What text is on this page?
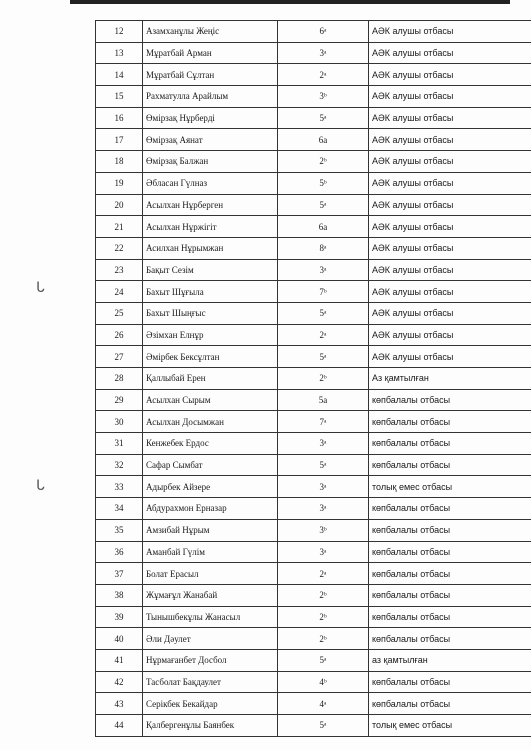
ᒐ
ᒐ
12	Азамханұлы Жеңіс	6ᵃ	АӘК алушы отбасы
13	Мұратбай Арман	3ᵃ	АӘК алушы отбасы
14	Мұратбай Сұлтан	2ᵃ	АӘК алушы отбасы
15	Рахматулла Арайлым	3ᵇ	АӘК алушы отбасы
16	Өмірзақ Нұрберді	5ᵃ	АӘК алушы отбасы
17	Өмірзақ Аянат	6а	АӘК алушы отбасы
18	Өмірзақ Балжан	2ᵇ	АӘК алушы отбасы
19	Әбласан Гүлназ	5ᵇ	АӘК алушы отбасы
20	Асылхан Нұрберген	5ᵃ	АӘК алушы отбасы
21	Асылхан Нұржігіт	6а	АӘК алушы отбасы
22	Асилхан Нұрымжан	8ᵃ	АӘК алушы отбасы
23	Бақыт Сезім	3ᵃ	АӘК алушы отбасы
24	Бахыт Шұғыла	7ᵇ	АӘК алушы отбасы
25	Бахыт Шыңғыс	5ᵃ	АӘК алушы отбасы
26	Әзімхан Елнұр	2ᵃ	АӘК алушы отбасы
27	Әмірбек Бексұлтан	5ᵃ	АӘК алушы отбасы
28	Қаллыбай Ерен	2ᵇ	Аз қамтылған
29	Асылхан Сырым	5а	көпбалалы отбасы
30	Асылхан Досымжан	7ᵃ	көпбалалы отбасы
31	Кенжебек Ердос	3ᵃ	көпбалалы отбасы
32	Сафар Сымбат	5ᵃ	көпбалалы отбасы
33	Адырбек Айзере	3ᵃ	толық емес отбасы
34	Абдурахмон Ерназар	3ᵃ	көпбалалы отбасы
35	Амзибай Нұрым	3ᵇ	көпбалалы отбасы
36	Аманбай Гүлім	3ᵃ	көпбалалы отбасы
37	Болат Ерасыл	2ᵃ	көпбалалы отбасы
38	Жұмағұл Жанабай	2ᵇ	көпбалалы отбасы
39	Тынышбекұлы Жанасыл	2ᵇ	көпбалалы отбасы
40	Әли Дәулет	2ᵇ	көпбалалы отбасы
41	Нұрмағанбет Досбол	5ᵃ	аз қамтылған
42	Тасболат Бақдаулет	4ᵇ	көпбалалы отбасы
43	Серікбек Бекайдар	4ᵃ	көпбалалы отбасы
44	Қалбергенұлы Баянбек	5ᵃ	толық емес отбасы
